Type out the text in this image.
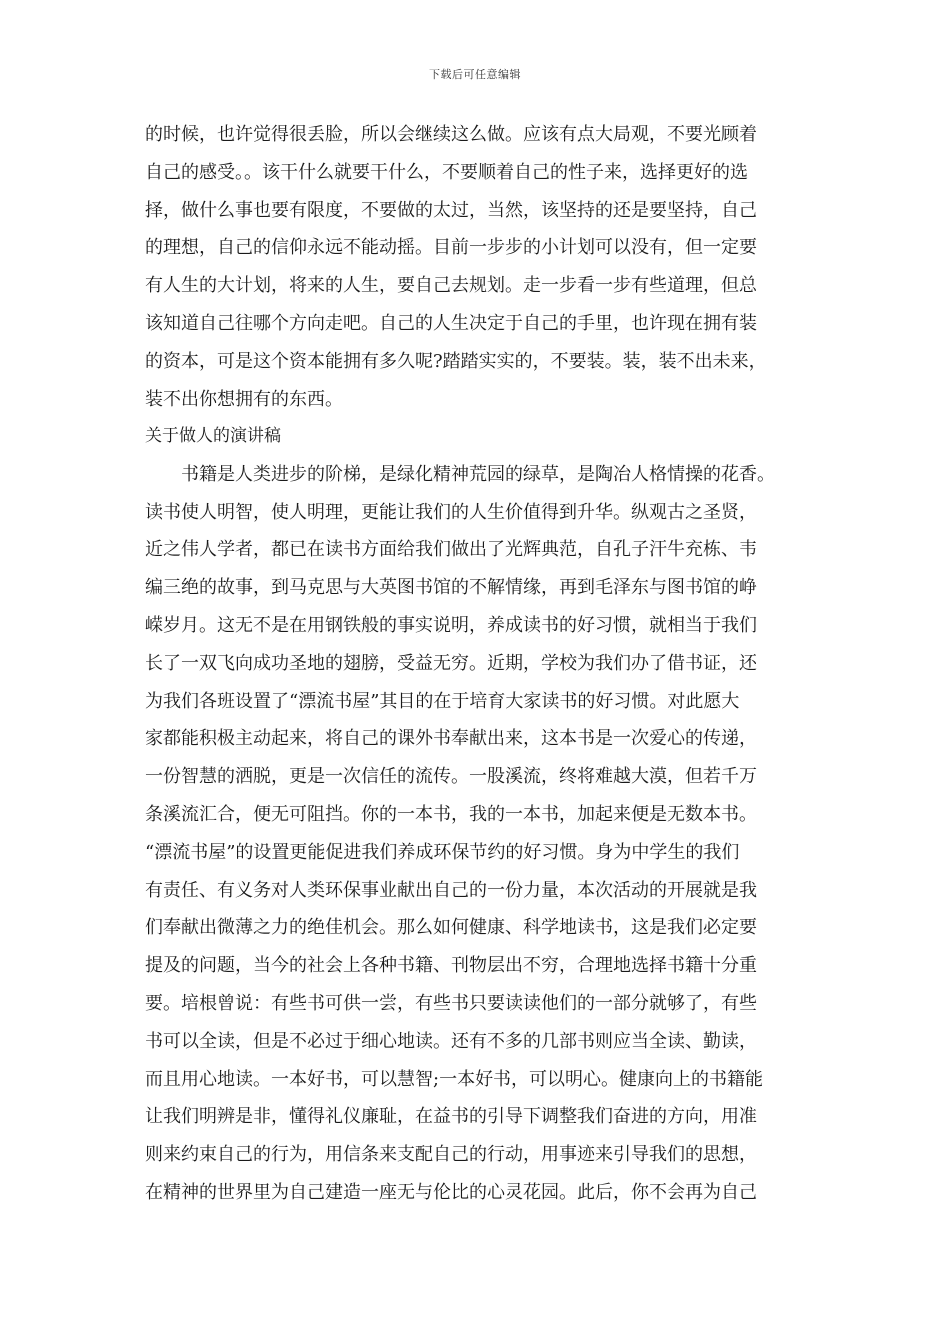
下载后可任意编辑
的时候，也许觉得很丢脸，所以会继续这么做。应该有点大局观，不要光顾着
自己的感受。。该干什么就要干什么，不要顺着自己的性子来，选择更好的选
择，做什么事也要有限度，不要做的太过，当然，该坚持的还是要坚持，自己
的理想，自己的信仰永远不能动摇。目前一步步的小计划可以没有，但一定要
有人生的大计划，将来的人生，要自己去规划。走一步看一步有些道理，但总
该知道自己往哪个方向走吧。自己的人生决定于自己的手里，也许现在拥有装
的资本，可是这个资本能拥有多久呢?踏踏实实的，不要装。装，装不出未来，
装不出你想拥有的东西。
关于做人的演讲稿
书籍是人类进步的阶梯，是绿化精神荒园的绿草，是陶冶人格情操的花香。
读书使人明智，使人明理，更能让我们的人生价值得到升华。纵观古之圣贤，
近之伟人学者，都已在读书方面给我们做出了光辉典范，自孔子汗牛充栋、韦
编三绝的故事，到马克思与大英图书馆的不解情缘，再到毛泽东与图书馆的峥
嵘岁月。这无不是在用钢铁般的事实说明，养成读书的好习惯，就相当于我们
长了一双飞向成功圣地的翅膀，受益无穷。近期，学校为我们办了借书证，还
为我们各班设置了“漂流书屋”其目的在于培育大家读书的好习惯。对此愿大
家都能积极主动起来，将自己的课外书奉献出来，这本书是一次爱心的传递，
一份智慧的洒脱，更是一次信任的流传。一股溪流，终将难越大漠，但若千万
条溪流汇合，便无可阻挡。你的一本书，我的一本书，加起来便是无数本书。
“漂流书屋”的设置更能促进我们养成环保节约的好习惯。身为中学生的我们
有责任、有义务对人类环保事业献出自己的一份力量，本次活动的开展就是我
们奉献出微薄之力的绝佳机会。那么如何健康、科学地读书，这是我们必定要
提及的问题，当今的社会上各种书籍、刊物层出不穷，合理地选择书籍十分重
要。培根曾说：有些书可供一尝，有些书只要读读他们的一部分就够了，有些
书可以全读，但是不必过于细心地读。还有不多的几部书则应当全读、勤读，
而且用心地读。一本好书，可以慧智;一本好书，可以明心。健康向上的书籍能
让我们明辨是非，懂得礼仪廉耻，在益书的引导下调整我们奋进的方向，用准
则来约束自己的行为，用信条来支配自己的行动，用事迹来引导我们的思想，
在精神的世界里为自己建造一座无与伦比的心灵花园。此后，你不会再为自己
